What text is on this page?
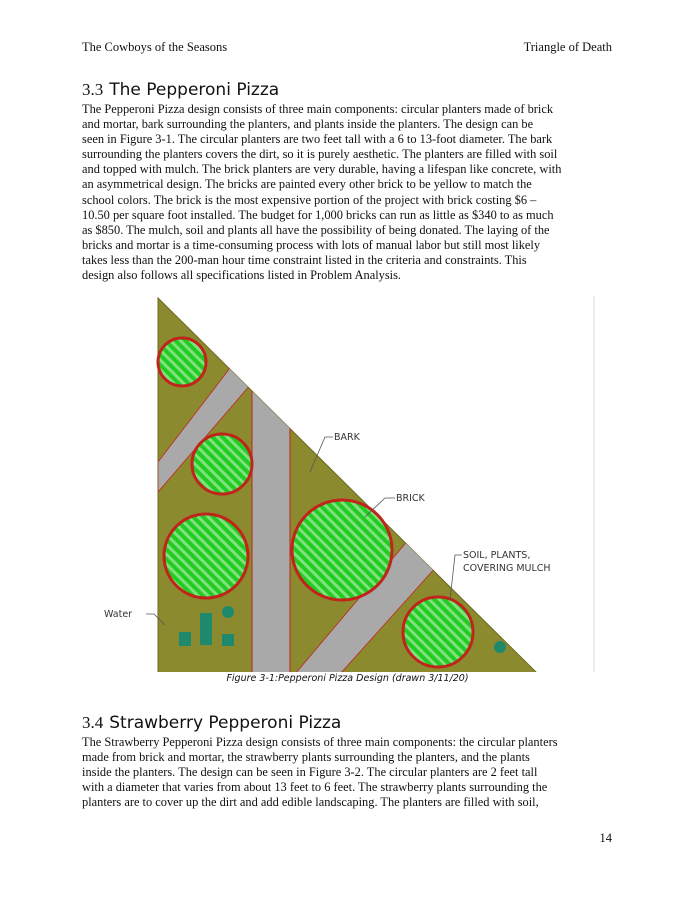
The Cowboys of the Seasons	Triangle of Death
3.3 The Pepperoni Pizza

The Pepperoni Pizza design consists of three main components: circular planters made of brick
and mortar, bark surrounding the planters, and plants inside the planters. The design can be
seen in Figure 3-1. The circular planters are two feet tall with a 6 to 13-foot diameter. The bark
surrounding the planters covers the dirt, so it is purely aesthetic. The planters are filled with soil
and topped with mulch. The brick planters are very durable, having a lifespan like concrete, with
an asymmetrical design. The bricks are painted every other brick to be yellow to match the
school colors. The brick is the most expensive portion of the project with brick costing $6 –
10.50 per square foot installed. The budget for 1,000 bricks can run as little as $340 to as much
as $850. The mulch, soil and plants all have the possibility of being donated. The laying of the
bricks and mortar is a time-consuming process with lots of manual labor but still most likely
takes less than the 200-man hour time constraint listed in the criteria and constraints. This
design also follows all specifications listed in Problem Analysis.

BARK
BRICK
SOIL, PLANTS,
COVERING MULCH
Water
Figure 3-1:Pepperoni Pizza Design (drawn 3/11/20)
3.4 Strawberry Pepperoni Pizza

The Strawberry Pepperoni Pizza design consists of three main components: the circular planters
made from brick and mortar, the strawberry plants surrounding the planters, and the plants
inside the planters. The design can be seen in Figure 3-2. The circular planters are 2 feet tall
with a diameter that varies from about 13 feet to 6 feet. The strawberry plants surrounding the
planters are to cover up the dirt and add edible landscaping. The planters are filled with soil,

14
